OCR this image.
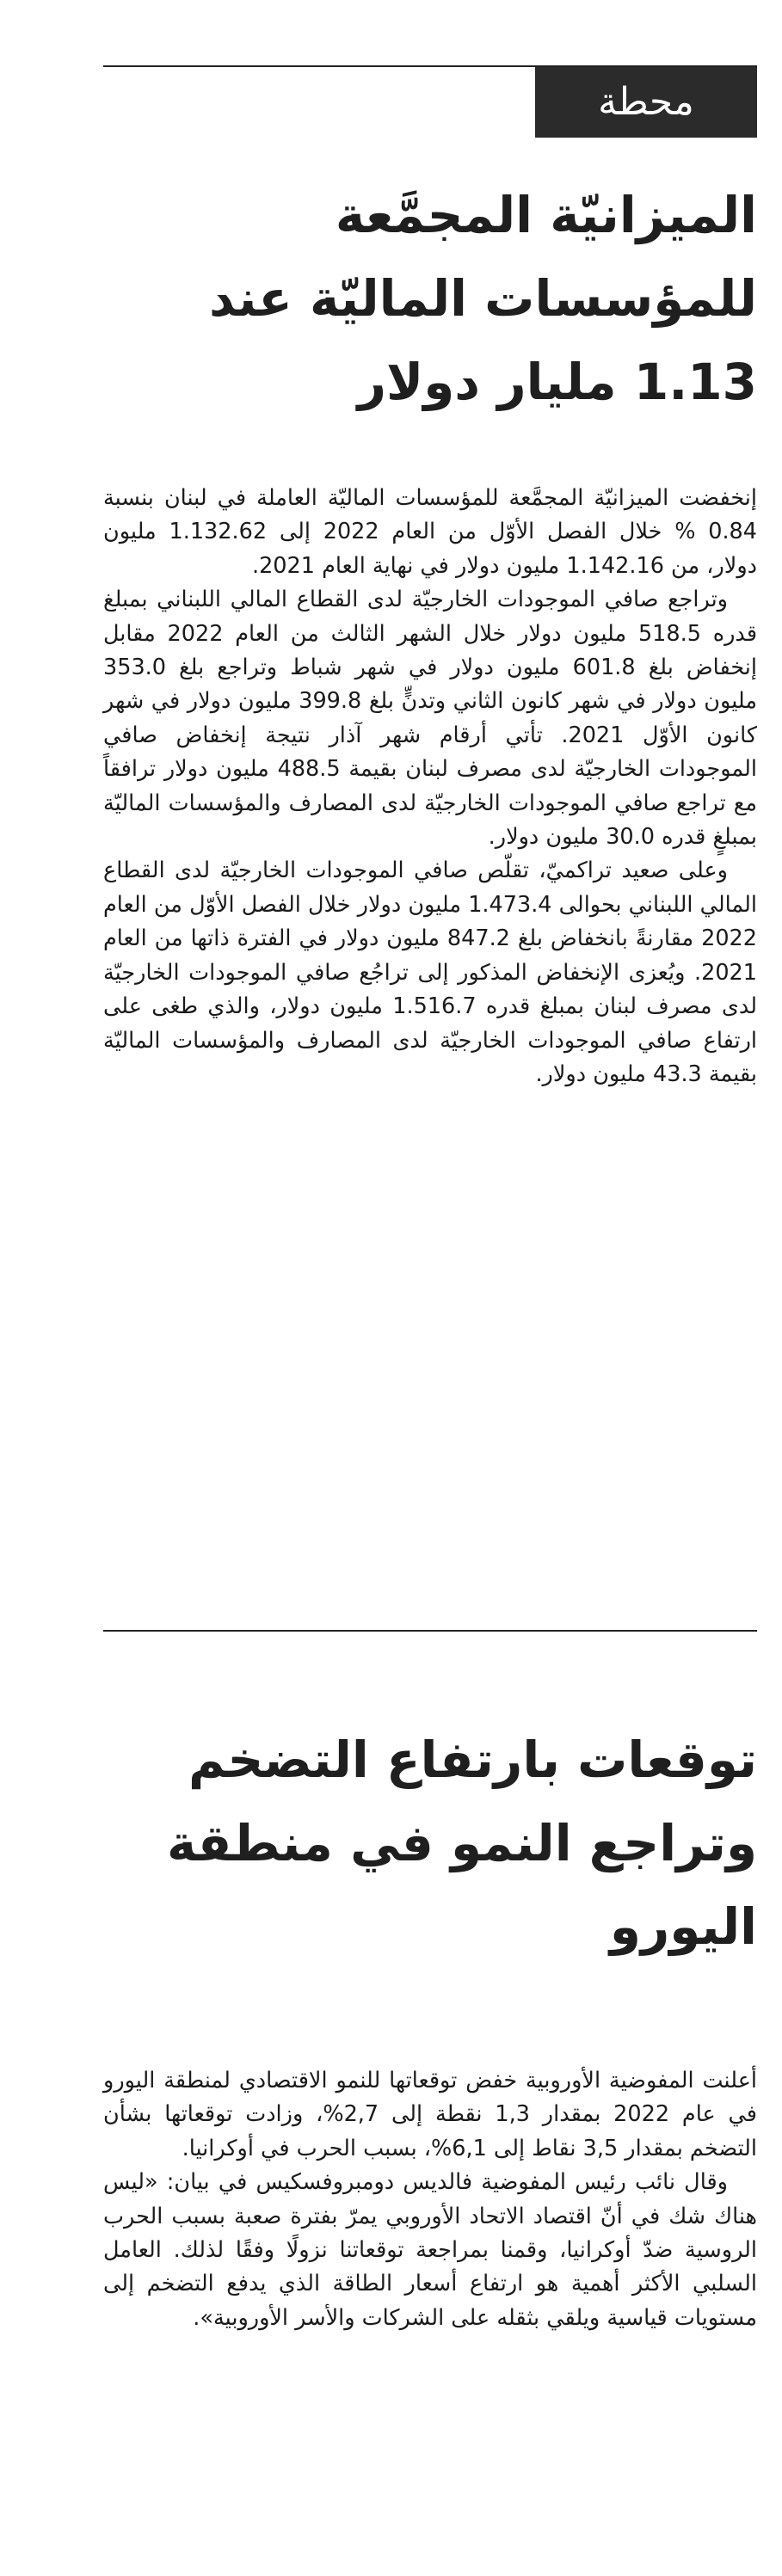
محطة
الميزانيّة المجمَّعة للمؤسسات الماليّة عند 1.13 مليار دولار

إنخفضت الميزانيّة المجمَّعة للمؤسسات الماليّة العاملة في لبنان بنسبة 0.84 % خلال الفصل الأوّل من العام 2022 إلى 1.132.62 مليون دولار، من 1.142.16 مليون دولار في نهاية العام 2021.

وتراجع صافي الموجودات الخارجيّة لدى القطاع المالي اللبناني بمبلغ قدره 518.5 مليون دولار خلال الشهر الثالث من العام 2022 مقابل إنخفاض بلغ 601.8 مليون دولار في شهر شباط وتراجع بلغ 353.0 مليون دولار في شهر كانون الثاني وتدنٍّ بلغ 399.8 مليون دولار في شهر كانون الأوّل 2021. تأتي أرقام شهر آذار نتيجة إنخفاض صافي الموجودات الخارجيّة لدى مصرف لبنان بقيمة 488.5 مليون دولار ترافقاً مع تراجع صافي الموجودات الخارجيّة لدى المصارف والمؤسسات الماليّة بمبلغٍ قدره 30.0 مليون دولار.

وعلى صعيد تراكميّ، تقلّص صافي الموجودات الخارجيّة لدى القطاع المالي اللبناني بحوالى 1.473.4 مليون دولار خلال الفصل الأوّل من العام 2022 مقارنةً بانخفاض بلغ 847.2 مليون دولار في الفترة ذاتها من العام 2021. ويُعزى الإنخفاض المذكور إلى تراجُع صافي الموجودات الخارجيّة لدى مصرف لبنان بمبلغ قدره 1.516.7 مليون دولار، والذي طغى على ارتفاع صافي الموجودات الخارجيّة لدى المصارف والمؤسسات الماليّة بقيمة 43.3 مليون دولار.

توقعات بارتفاع التضخم وتراجع النمو في منطقة اليورو

أعلنت المفوضية الأوروبية خفض توقعاتها للنمو الاقتصادي لمنطقة اليورو في عام 2022 بمقدار 1,3 نقطة إلى 2,7%، وزادت توقعاتها بشأن التضخم بمقدار 3,5 نقاط إلى 6,1%، بسبب الحرب في أوكرانيا.

وقال نائب رئيس المفوضية فالديس دومبروفسكيس في بيان: «ليس هناك شك في أنّ اقتصاد الاتحاد الأوروبي يمرّ بفترة صعبة بسبب الحرب الروسية ضدّ أوكرانيا، وقمنا بمراجعة توقعاتنا نزولًا وفقًا لذلك. العامل السلبي الأكثر أهمية هو ارتفاع أسعار الطاقة الذي يدفع التضخم إلى مستويات قياسية ويلقي بثقله على الشركات والأسر الأوروبية».
